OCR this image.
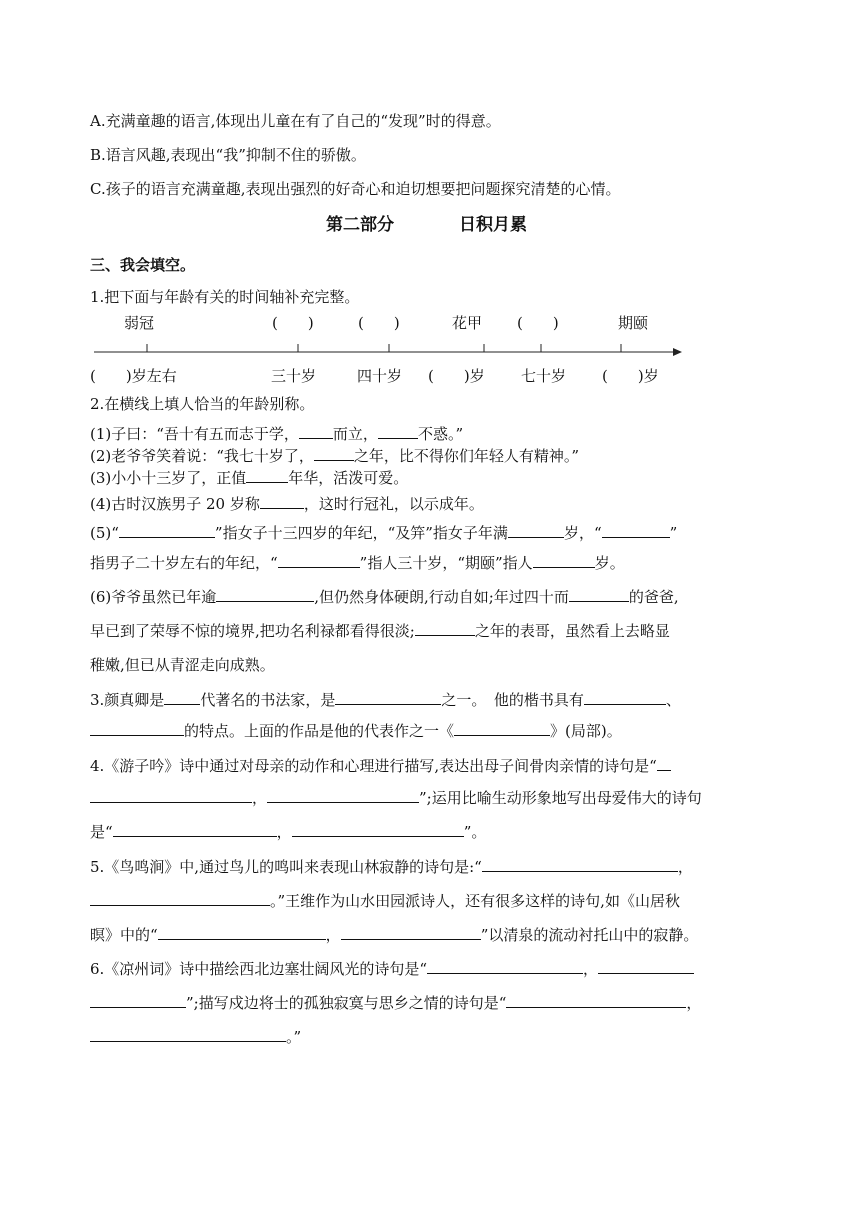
A.充满童趣的语言,体现出儿童在有了自己的“发现”时的得意。
B.语言风趣,表现出“我”抑制不住的骄傲。
C.孩子的语言充满童趣,表现出强烈的好奇心和迫切想要把问题探究清楚的心情。
第二部分	日积月累
三、我会填空。
1.把下面与年龄有关的时间轴补充完整。
弱冠	(　　)	(　　)	花甲 (　　)	期颐
(　　)岁左右	三十岁	四十岁 (　　)岁 七十岁 (　　)岁
2.在横线上填人恰当的年龄别称。
(1)子曰：“吾十有五而志于学， 而立，	不惑。”
(2)老爷爷笑着说：“我七十岁了，	之年，比不得你们年轻人有精神。”
(3)小小十三岁了，正值	年华，活泼可爱。
(4)古时汉族男子 20 岁称	，这时行冠礼，以示成年。
(5)“	”指女子十三四岁的年纪，“及笄”指女子年满	岁，“	”
指男子二十岁左右的年纪，“	”指人三十岁，“期颐”指人	岁。
(6)爷爷虽然已年逾	,但仍然身体硬朗,行动自如;年过四十而	的爸爸,
早已到了荣辱不惊的境界,把功名利禄都看得很淡;	之年的表哥，虽然看上去略显
稚嫩,但已从青涩走向成熟。
3.颜真卿是 代著名的书法家，是	之一。　他的楷书具有	、
的特点。上面的作品是他的代表作之一《	》(局部)。
4.《游子吟》诗中通过对母亲的动作和心理进行描写,表达出母子间骨肉亲情的诗句是“
，	”;运用比喻生动形象地写出母爱伟大的诗句
是“	，	”。
5.《鸟鸣涧》中,通过鸟儿的鸣叫来表现山林寂静的诗句是:“	，
。”王维作为山水田园派诗人，还有很多这样的诗句,如《山居秋
暝》中的“	，	”以清泉的流动衬托山中的寂静。
6.《凉州词》诗中描绘西北边塞壮阔风光的诗句是“	，
”;描写戍边将士的孤独寂寞与思乡之情的诗句是“	，
。”
